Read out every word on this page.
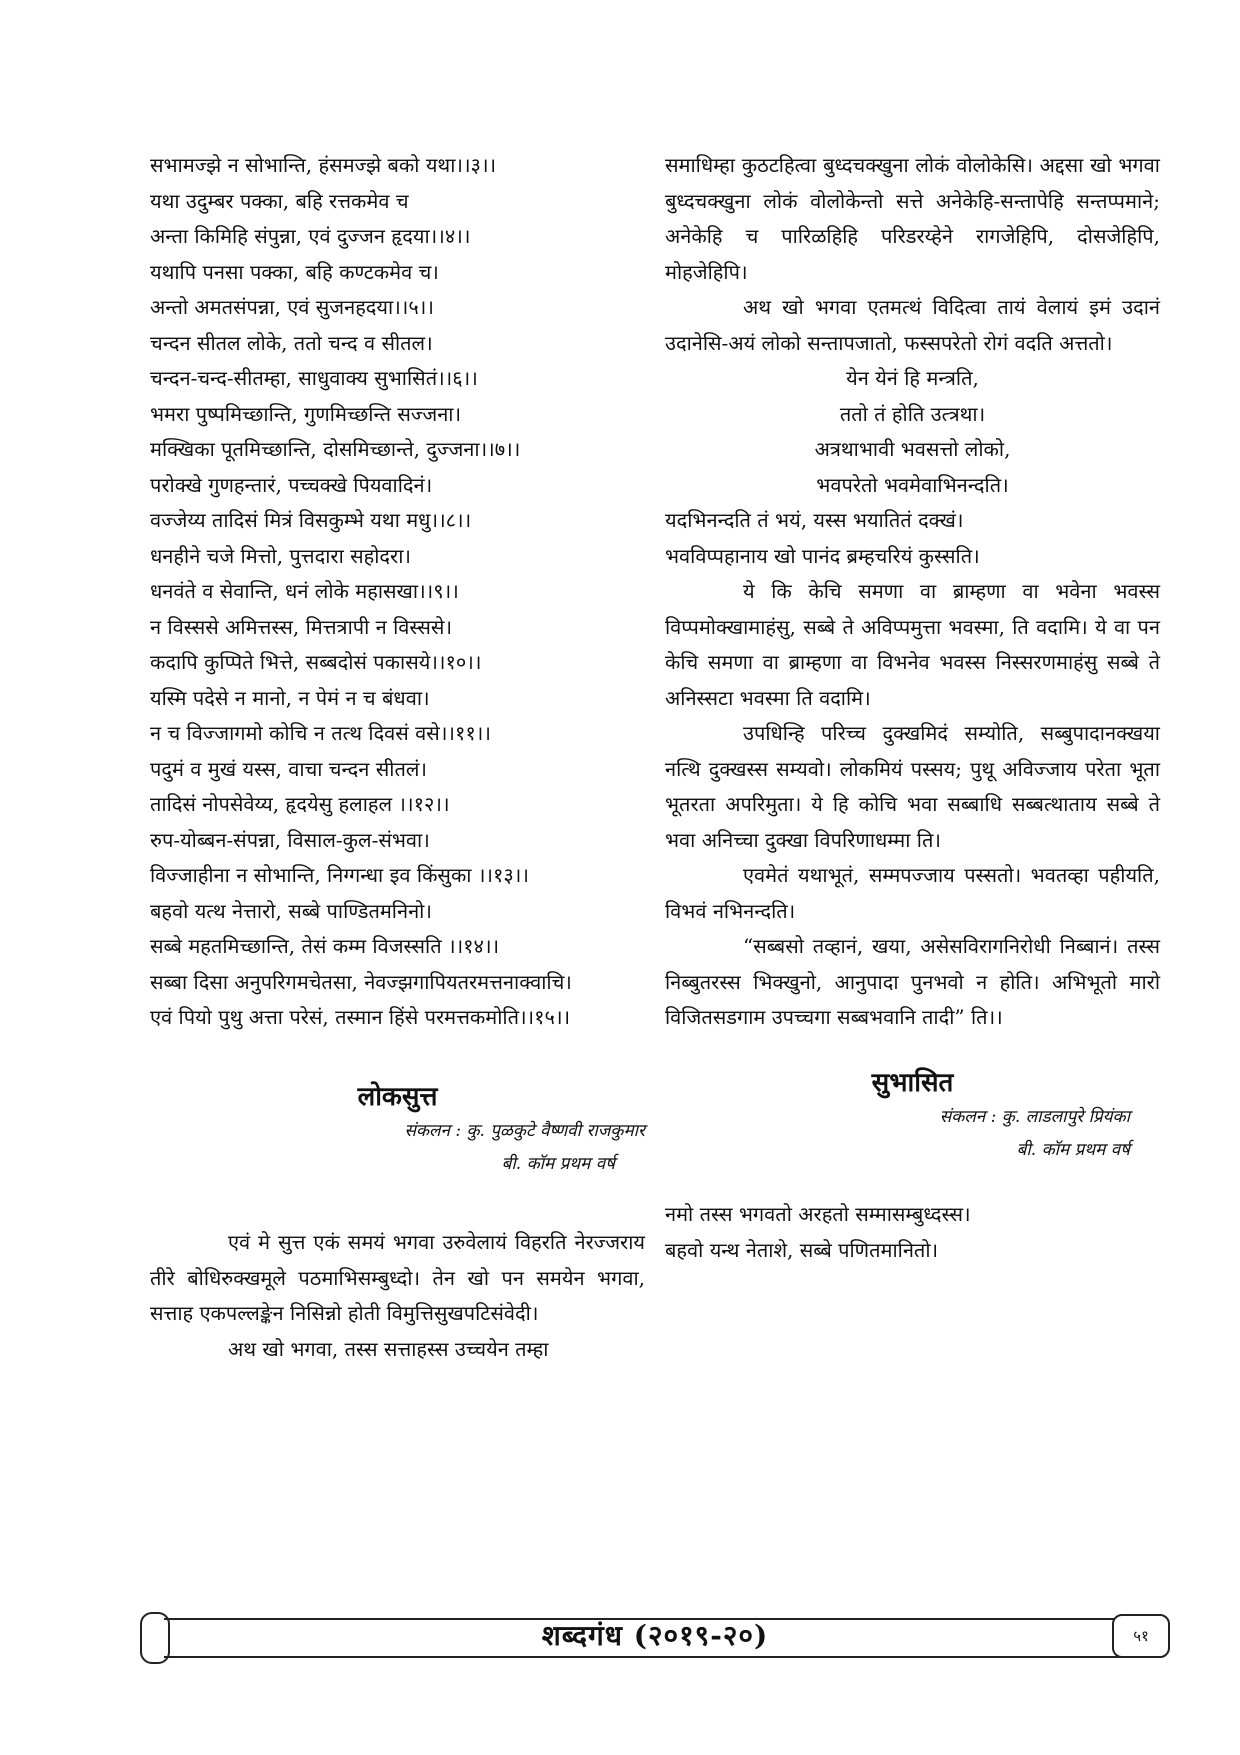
सभामज्झे न सोभान्ति, हंसमज्झे बको यथा।।३।।
यथा उदुम्बर पक्का, बहि रत्तकमेव च
अन्ता किमिहि संपुन्ना, एवं दुज्जन हृदया।।४।।
यथापि पनसा पक्का, बहि कण्टकमेव च।
अन्तो अमतसंपन्ना, एवं सुजनहदया।।५।।
चन्दन सीतल लोके, ततो चन्द व सीतल।
चन्दन-चन्द-सीतम्हा, साधुवाक्य सुभासितं।।६।।
भमरा पुष्पमिच्छान्ति, गुणमिच्छन्ति सज्जना।
मक्खिका पूतमिच्छान्ति, दोसमिच्छान्ते, दुज्जना।।७।।
परोक्खे गुणहन्तारं, पच्चक्खे पियवादिनं।
वज्जेय्य तादिसं मित्रं विसकुम्भे यथा मधु।।८।।
धनहीने चजे मित्तो, पुत्तदारा सहोदरा।
धनवंते व सेवान्ति, धनं लोके महासखा।।९।।
न विस्ससे अमित्तस्स, मित्तत्रापी न विस्ससे।
कदापि कुप्पिते भित्ते, सब्बदोसं पकासये।।१०।।
यस्मि पदेसे न मानो, न पेमं न च बंधवा।
न च विज्जागमो कोचि न तत्थ दिवसं वसे।।११।।
पदुमं व मुखं यस्स, वाचा चन्दन सीतलं।
तादिसं नोपसेवेय्य, हृदयेसु हलाहल ।।१२।।
रुप-योब्बन-संपन्ना, विसाल-कुल-संभवा।
विज्जाहीना न सोभान्ति, निग्गन्धा इव किंसुका ।।१३।।
बहवो यत्थ नेत्तारो, सब्बे पाण्डितमनिनो।
सब्बे महतमिच्छान्ति, तेसं कम्म विजस्सति ।।१४।।
सब्बा दिसा अनुपरिगमचेतसा, नेवज्झगापियतरमत्तनाक्वाचि।
एवं पियो पुथु अत्ता परेसं, तस्मान हिंसे परमत्तकमोति।।१५।।
लोकसुत्त
संकलन : कु. पुळकुटे वैष्णवी राजकुमार
बी. कॉम प्रथम वर्ष
एवं मे सुत्त एकं समयं भगवा उरुवेलायं विहरति नेरज्जराय तीरे बोधिरुक्खमूले पठमाभिसम्बुध्दो। तेन खो पन समयेन भगवा, सत्ताह एकपल्लङ्केन निसिन्नो होती विमुत्तिसुखपटिसंवेदी।
अथ खो भगवा, तस्स सत्ताहस्स उच्चयेन तम्हा
समाधिम्हा कुठटहित्वा बुध्दचक्खुना लोकं वोलोकेसि। अद्दसा खो भगवा बुध्दचक्खुना लोकं वोलोकेन्तो सत्ते अनेकेहि-सन्तापेहि सन्तप्पमाने; अनेकेहि च पारिळहिहि परिडरय्हेने रागजेहिपि, दोसजेहिपि, मोहजेहिपि।
अथ खो भगवा एतमत्थं विदित्वा तायं वेलायं इमं उदानं उदानेसि-अयं लोको सन्तापजातो, फस्सपरेतो रोगं वदति अत्ततो।
येन येनं हि मन्त्रति,
ततो तं होति उत्त्रथा।
अत्रथाभावी भवसत्तो लोको,
भवपरेतो भवमेवाभिनन्दति।
यदभिनन्दति तं भयं, यस्स भयातितं दक्खं।
भवविप्पहानाय खो पानंद ब्रम्हचरियं कुस्सति।
ये कि केचि समणा वा ब्राम्हणा वा भवेना भवस्स विप्पमोक्खामाहंसु, सब्बे ते अविप्पमुत्ता भवस्मा, ति वदामि। ये वा पन केचि समणा वा ब्राम्हणा वा विभनेव भवस्स निस्सरणमाहंसु सब्बे ते अनिस्सटा भवस्मा ति वदामि।
उपधिन्हि परिच्च दुक्खमिदं सम्योति, सब्बुपादानक्खया नत्थि दुक्खस्स सम्यवो। लोकमियं पस्सय; पुथू अविज्जाय परेता भूता भूतरता अपरिमुता। ये हि कोचि भवा सब्बाधि सब्बत्थाताय सब्बे ते भवा अनिच्चा दुक्खा विपरिणाधम्मा ति।
एवमेतं यथाभूतं, सम्मपज्जाय पस्सतो। भवतव्हा पहीयति, विभवं नभिनन्दति।
“सब्बसो तव्हानं, खया, असेसविरागनिरोधी निब्बानं। तस्स निब्बुतरस्स भिक्खुनो, आनुपादा पुनभवो न होति। अभिभूतो मारो विजितसडगाम उपच्चगा सब्बभवानि तादी” ति।।
सुभासित
संकलन : कु. लाडलापुरे प्रियंका
बी. कॉम प्रथम वर्ष
नमो तस्स भगवतो अरहतो सम्मासम्बुध्दस्स।
बहवो यन्थ नेताशे, सब्बे पणितमानितो।
शब्दगंध (२०१९-२०)	५१
